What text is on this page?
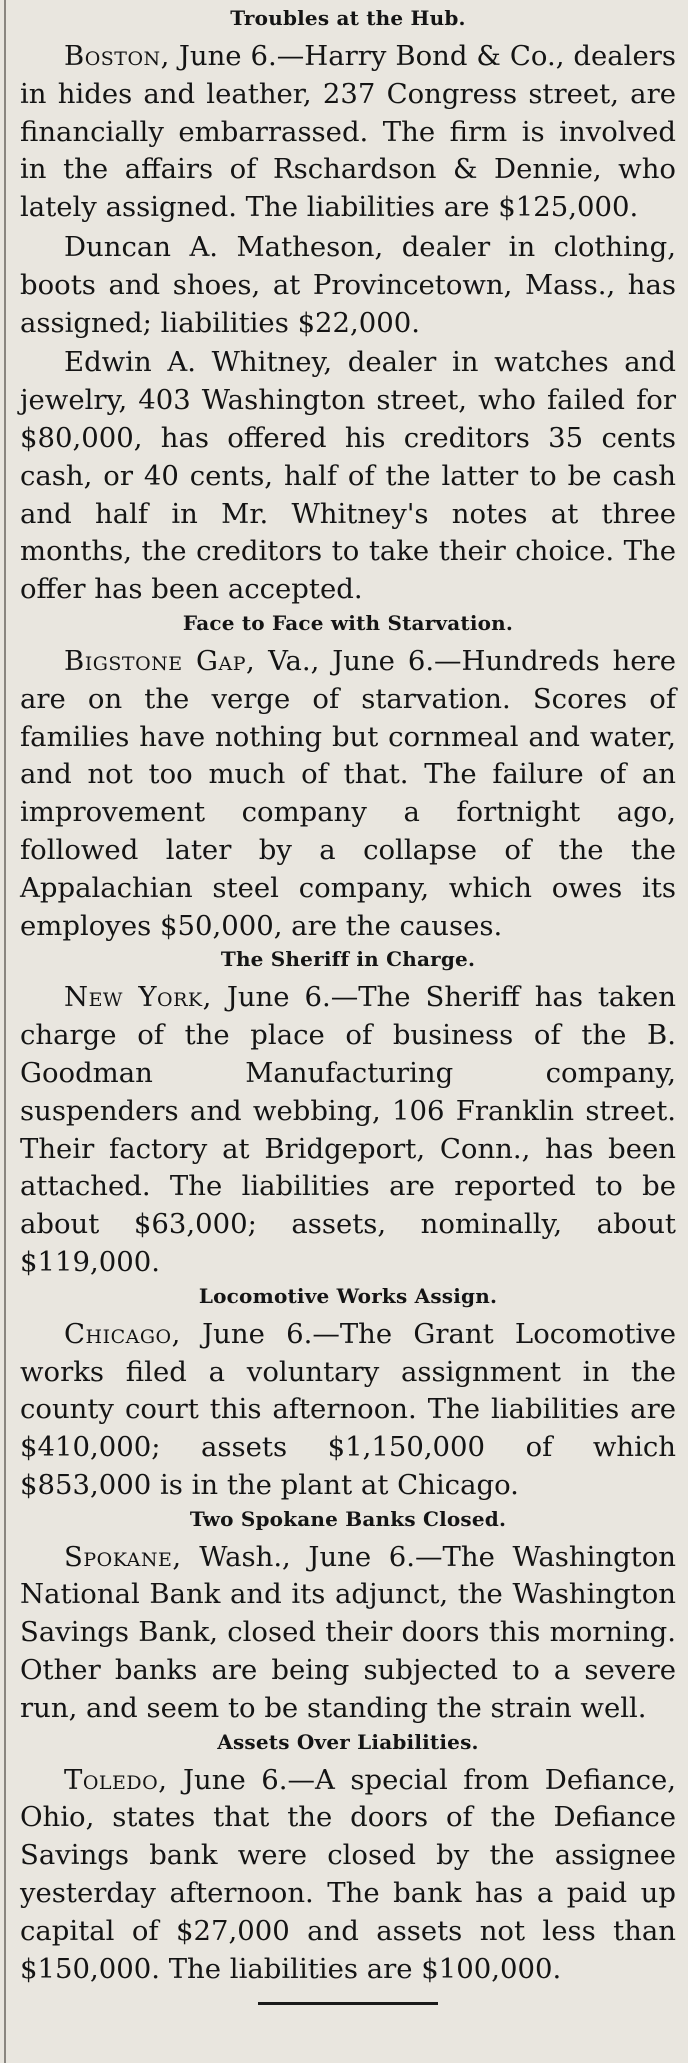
Troubles at the Hub.

Boston, June 6.—Harry Bond & Co., dealers in hides and leather, 237 Congress street, are financially embarrassed. The firm is involved in the affairs of Rschardson & Dennie, who lately assigned. The liabilities are $125,000.

Duncan A. Matheson, dealer in clothing, boots and shoes, at Provincetown, Mass., has assigned; liabilities $22,000.

Edwin A. Whitney, dealer in watches and jewelry, 403 Washington street, who failed for $80,000, has offered his creditors 35 cents cash, or 40 cents, half of the latter to be cash and half in Mr. Whitney's notes at three months, the creditors to take their choice. The offer has been accepted.

Face to Face with Starvation.

Bigstone Gap, Va., June 6.—Hundreds here are on the verge of starvation. Scores of families have nothing but cornmeal and water, and not too much of that. The failure of an improvement company a fortnight ago, followed later by a collapse of the the Appalachian steel company, which owes its employes $50,000, are the causes.

The Sheriff in Charge.

New York, June 6.—The Sheriff has taken charge of the place of business of the B. Goodman Manufacturing company, suspenders and webbing, 106 Franklin street. Their factory at Bridgeport, Conn., has been attached. The liabilities are reported to be about $63,000; assets, nominally, about $119,000.

Locomotive Works Assign.

Chicago, June 6.—The Grant Locomotive works filed a voluntary assignment in the county court this afternoon. The liabilities are $410,000; assets $1,150,000 of which $853,000 is in the plant at Chicago.

Two Spokane Banks Closed.

Spokane, Wash., June 6.—The Washington National Bank and its adjunct, the Washington Savings Bank, closed their doors this morning. Other banks are being subjected to a severe run, and seem to be standing the strain well.

Assets Over Liabilities.

Toledo, June 6.—A special from Defiance, Ohio, states that the doors of the Defiance Savings bank were closed by the assignee yesterday afternoon. The bank has a paid up capital of $27,000 and assets not less than $150,000. The liabilities are $100,000.
